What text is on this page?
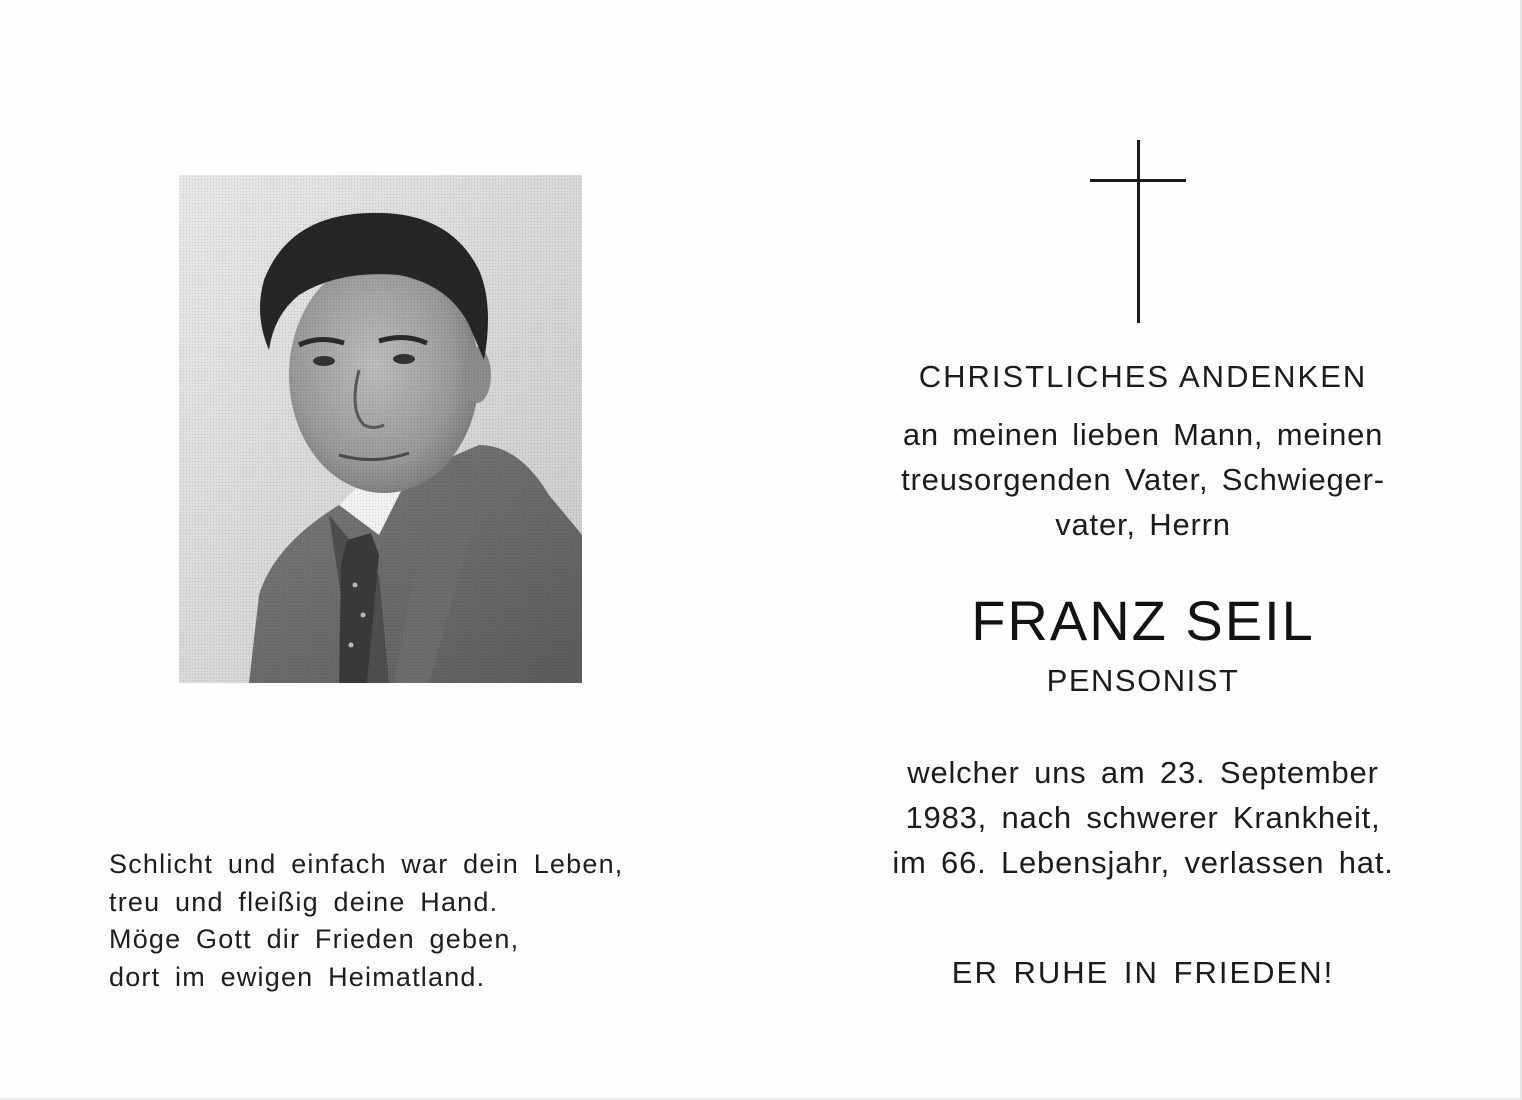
Schlicht und einfach war dein Leben,
treu und fleißig deine Hand.
Möge Gott dir Frieden geben,
dort im ewigen Heimatland.
CHRISTLICHES ANDENKEN
an meinen lieben Mann, meinen
treusorgenden Vater, Schwieger-
vater, Herrn
FRANZ SEIL
PENSONIST
welcher uns am 23. September
1983, nach schwerer Krankheit,
im 66. Lebensjahr, verlassen hat.
ER RUHE IN FRIEDEN!
